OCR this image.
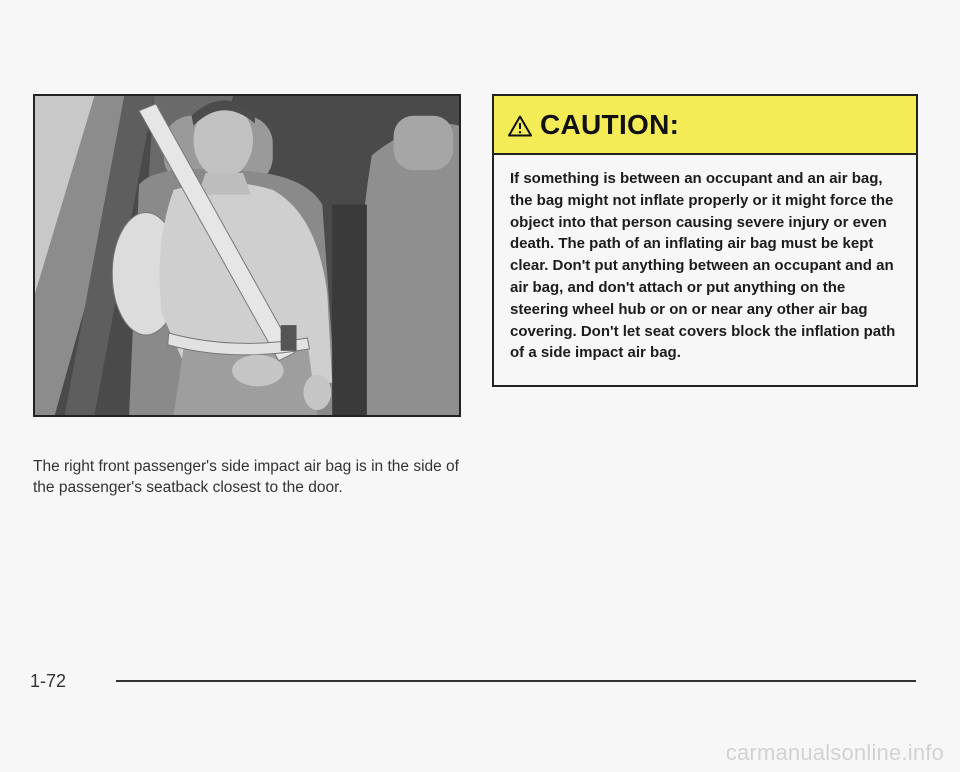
The right front passenger's side impact air bag is in the side of the passenger's seatback closest to the door.

CAUTION:
If something is between an occupant and an air bag, the bag might not inflate properly or it might force the object into that person causing severe injury or even death. The path of an inflating air bag must be kept clear. Don't put anything between an occupant and an air bag, and don't attach or put anything on the steering wheel hub or on or near any other air bag covering. Don't let seat covers block the inflation path of a side impact air bag.
1-72
carmanualsonline.info
